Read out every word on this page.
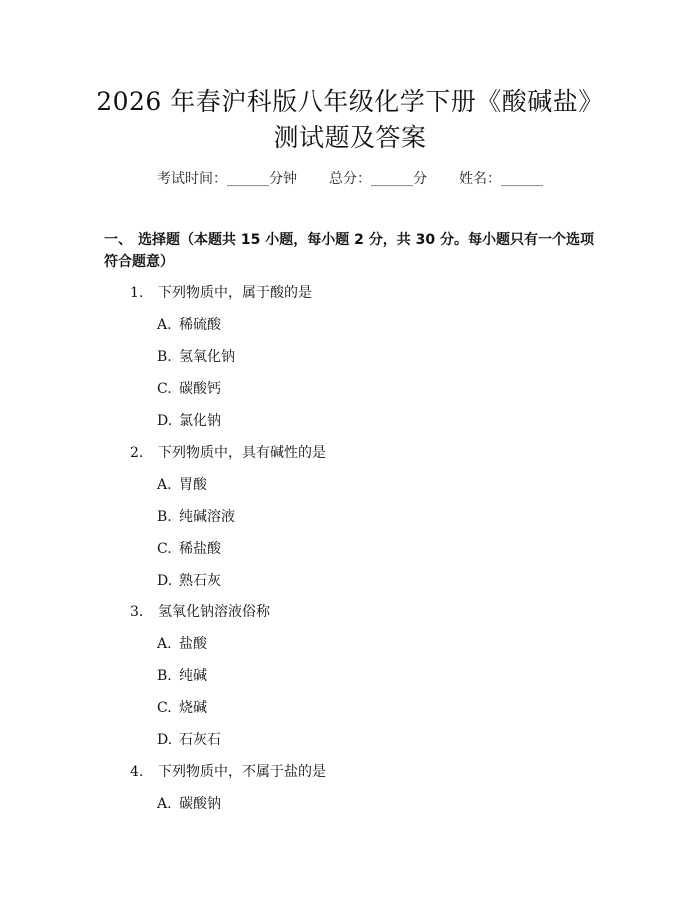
2026 年春沪科版八年级化学下册《酸碱盐》
测试题及答案
考试时间：______分钟 总分：______分 姓名：______
一、 选择题（本题共 15 小题，每小题 2 分，共 30 分。每小题只有一个选项符合题意）
1. 下列物质中，属于酸的是
A. 稀硫酸
B. 氢氧化钠
C. 碳酸钙
D. 氯化钠
2. 下列物质中，具有碱性的是
A. 胃酸
B. 纯碱溶液
C. 稀盐酸
D. 熟石灰
3. 氢氧化钠溶液俗称
A. 盐酸
B. 纯碱
C. 烧碱
D. 石灰石
4. 下列物质中，不属于盐的是
A. 碳酸钠
